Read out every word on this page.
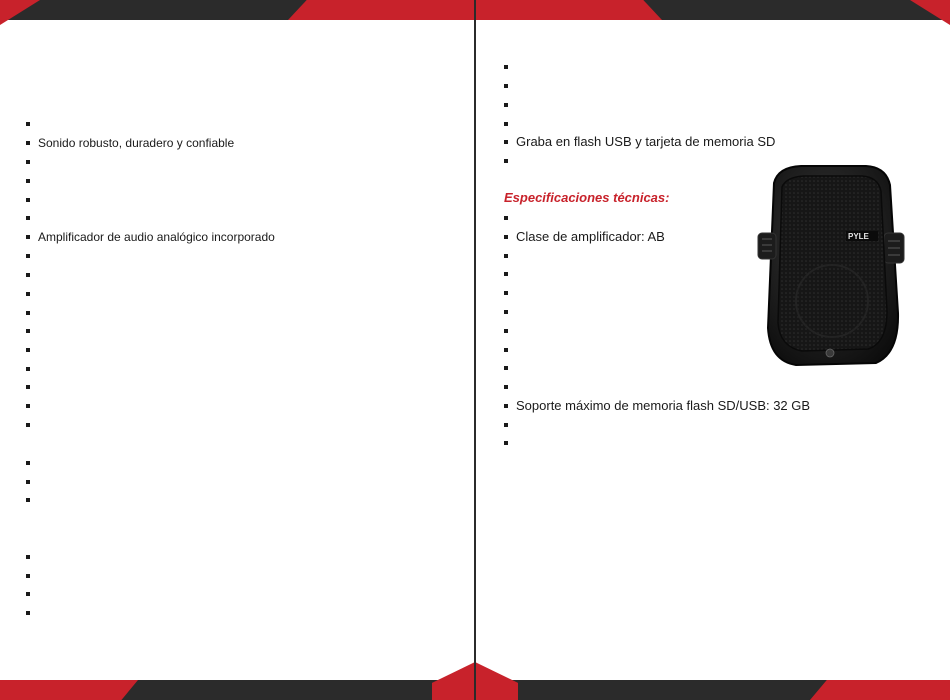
Sonido robusto, duradero y confiable
Amplificador de audio analógico incorporado
Graba en flash USB y tarjeta de memoria SD
Especificaciones técnicas:
Clase de amplificador: AB
Soporte máximo de memoria flash SD/USB: 32 GB
PYLE
